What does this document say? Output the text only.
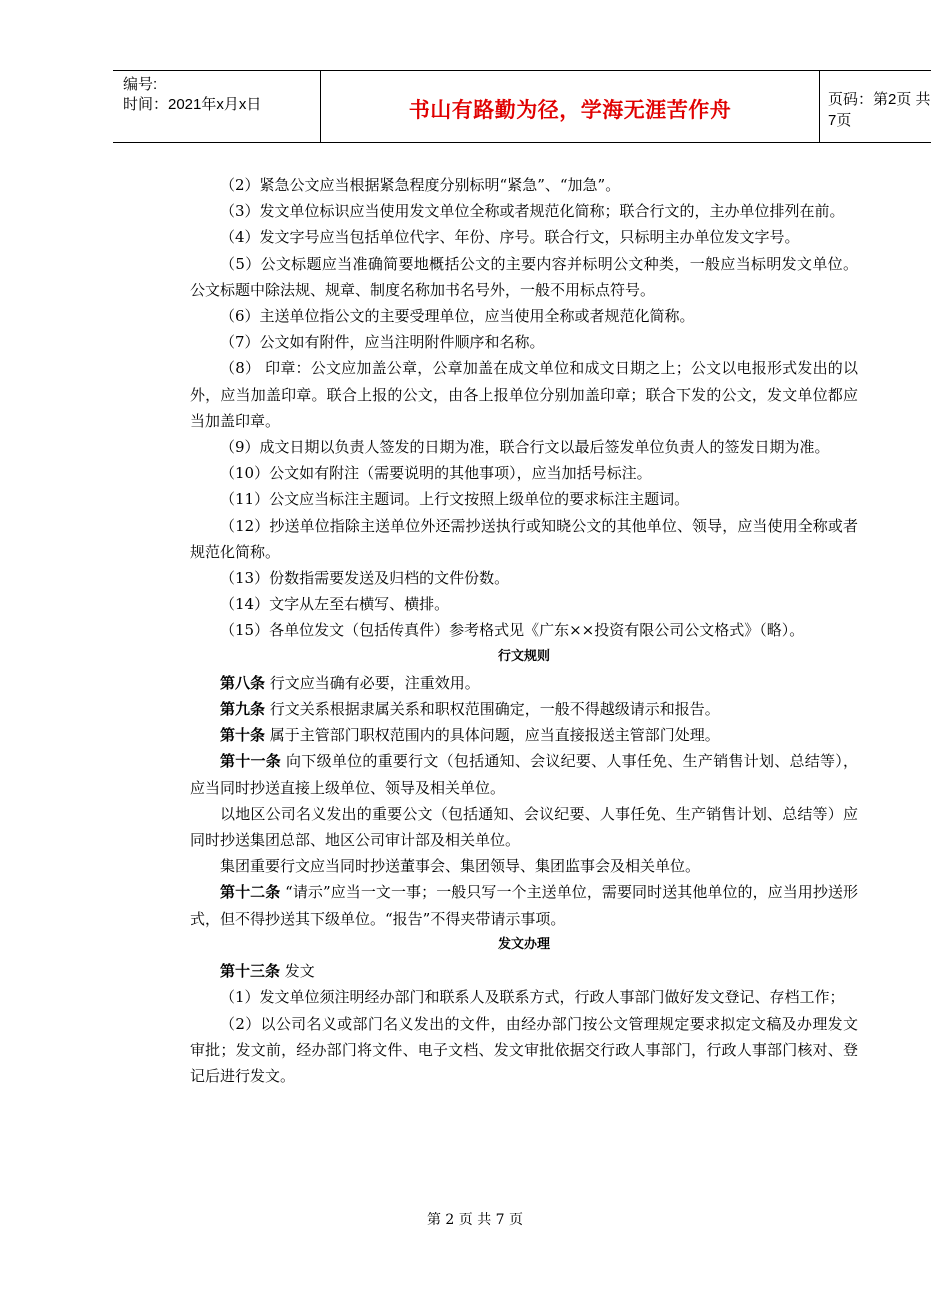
编号:
时间：2021年x月x日	书山有路勤为径，学海无涯苦作舟	页码：第2页 共7页

（2）紧急公文应当根据紧急程度分别标明“紧急”、“加急”。

（3）发文单位标识应当使用发文单位全称或者规范化简称；联合行文的，主办单位排列在前。

（4）发文字号应当包括单位代字、年份、序号。联合行文，只标明主办单位发文字号。

（5）公文标题应当准确简要地概括公文的主要内容并标明公文种类，一般应当标明发文单位。公文标题中除法规、规章、制度名称加书名号外，一般不用标点符号。

（6）主送单位指公文的主要受理单位，应当使用全称或者规范化简称。

（7）公文如有附件，应当注明附件顺序和名称。

（8） 印章：公文应加盖公章，公章加盖在成文单位和成文日期之上；公文以电报形式发出的以外，应当加盖印章。联合上报的公文，由各上报单位分别加盖印章；联合下发的公文，发文单位都应当加盖印章。

（9）成文日期以负责人签发的日期为准，联合行文以最后签发单位负责人的签发日期为准。

（10）公文如有附注（需要说明的其他事项），应当加括号标注。

（11）公文应当标注主题词。上行文按照上级单位的要求标注主题词。

（12）抄送单位指除主送单位外还需抄送执行或知晓公文的其他单位、领导，应当使用全称或者规范化简称。

（13）份数指需要发送及归档的文件份数。

（14）文字从左至右横写、横排。

（15）各单位发文（包括传真件）参考格式见《广东××投资有限公司公文格式》（略）。

行文规则

第八条 行文应当确有必要，注重效用。

第九条 行文关系根据隶属关系和职权范围确定，一般不得越级请示和报告。

第十条 属于主管部门职权范围内的具体问题，应当直接报送主管部门处理。

第十一条 向下级单位的重要行文（包括通知、会议纪要、人事任免、生产销售计划、总结等），应当同时抄送直接上级单位、领导及相关单位。

以地区公司名义发出的重要公文（包括通知、会议纪要、人事任免、生产销售计划、总结等）应同时抄送集团总部、地区公司审计部及相关单位。

集团重要行文应当同时抄送董事会、集团领导、集团监事会及相关单位。

第十二条 “请示”应当一文一事；一般只写一个主送单位，需要同时送其他单位的，应当用抄送形式，但不得抄送其下级单位。“报告”不得夹带请示事项。

发文办理

第十三条 发文

（1）发文单位须注明经办部门和联系人及联系方式，行政人事部门做好发文登记、存档工作；

（2）以公司名义或部门名义发出的文件，由经办部门按公文管理规定要求拟定文稿及办理发文审批；发文前，经办部门将文件、电子文档、发文审批依据交行政人事部门，行政人事部门核对、登记后进行发文。

第 2 页 共 7 页
